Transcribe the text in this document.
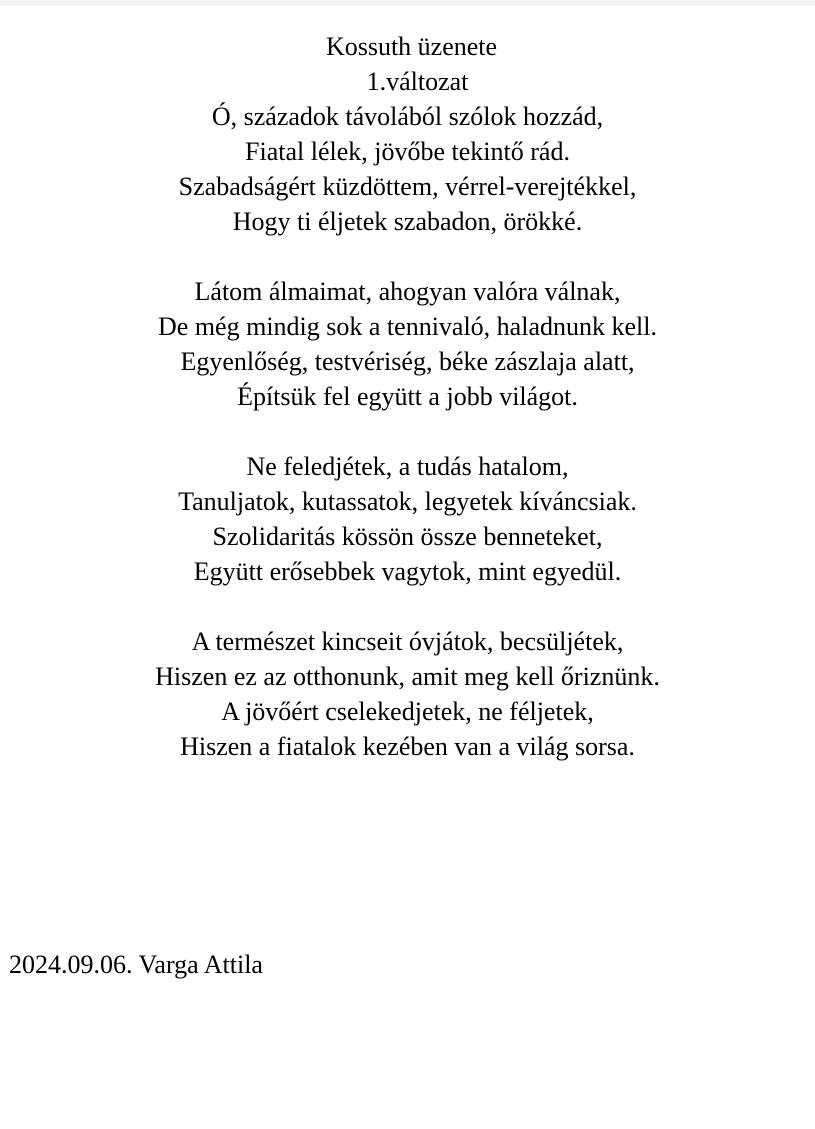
Kossuth üzenete
1.változat
Ó, századok távolából szólok hozzád,
Fiatal lélek, jövőbe tekintő rád.
Szabadságért küzdöttem, vérrel-verejtékkel,
Hogy ti éljetek szabadon, örökké.
Látom álmaimat, ahogyan valóra válnak,
De még mindig sok a tennivaló, haladnunk kell.
Egyenlőség, testvériség, béke zászlaja alatt,
Építsük fel együtt a jobb világot.
Ne feledjétek, a tudás hatalom,
Tanuljatok, kutassatok, legyetek kíváncsiak.
Szolidaritás kössön össze benneteket,
Együtt erősebbek vagytok, mint egyedül.
A természet kincseit óvjátok, becsüljétek,
Hiszen ez az otthonunk, amit meg kell őriznünk.
A jövőért cselekedjetek, ne féljetek,
Hiszen a fiatalok kezében van a világ sorsa.
2024.09.06. Varga Attila
